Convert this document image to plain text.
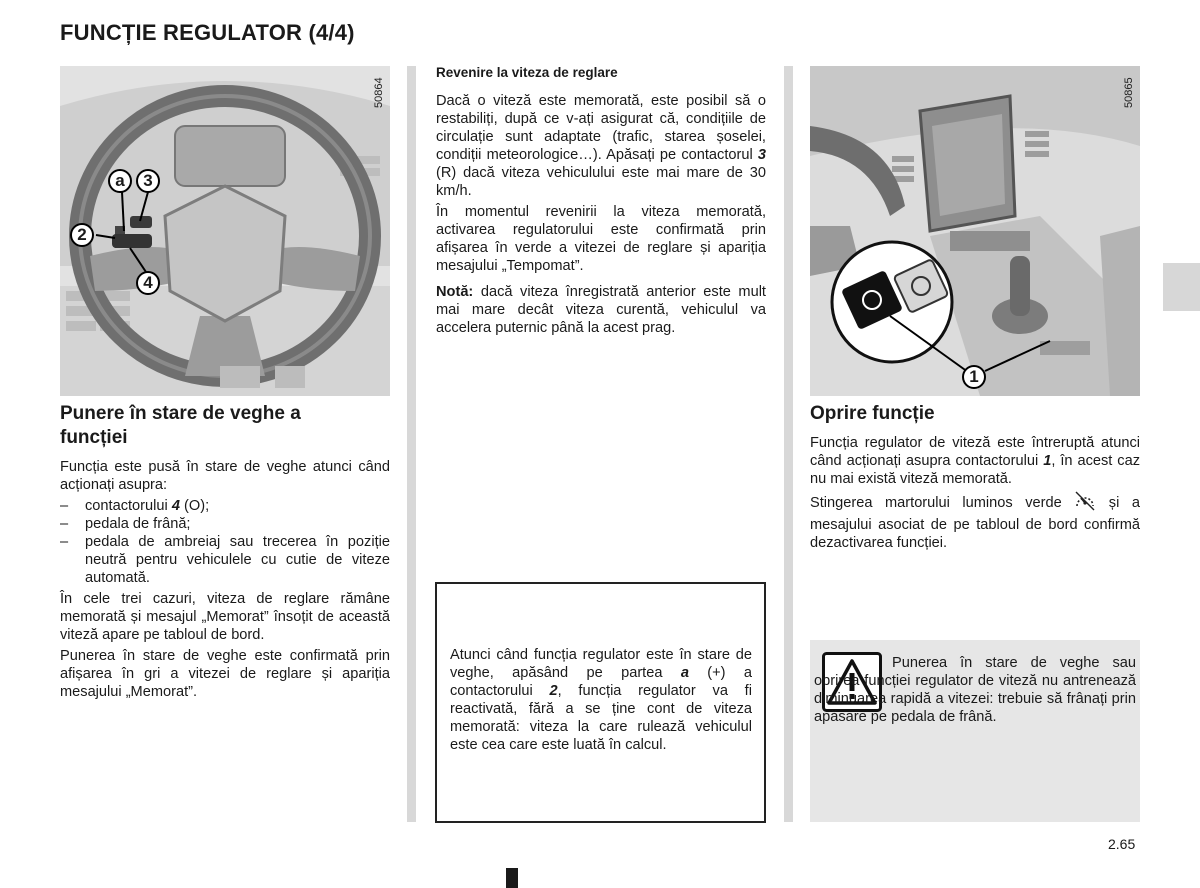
FUNCȚIE REGULATOR (4/4)
50864
a	3
2
4
Punere în stare de veghe a funcției

Funcția este pusă în stare de veghe atunci când acționați asupra:

–	contactorului 4 (O);
–	pedala de frână;
–	pedala de ambreiaj sau trecerea în poziție neutră pentru vehiculele cu cutie de viteze automată.

În cele trei cazuri, viteza de reglare rămâne memorată și mesajul „Memorat” însoțit de această viteză apare pe tabloul de bord.

Punerea în stare de veghe este confirmată prin afișarea în gri a vitezei de reglare și apariția mesajului „Memorat”.

Revenire la viteza de reglare

Dacă o viteză este memorată, este posibil să o restabiliți, după ce v-ați asigurat că, condițiile de circulație sunt adaptate (trafic, starea șoselei, condiții meteorologice…). Apăsați pe contactorul 3 (R) dacă viteza vehiculului este mai mare de 30 km/h.

În momentul revenirii la viteza memorată, activarea regulatorului este confirmată prin afișarea în verde a vitezei de reglare și apariția mesajului „Tempomat”.

Notă: dacă viteza înregistrată anterior este mult mai mare decât viteza curentă, vehiculul va accelera puternic până la acest prag.

Atunci când funcția regulator este în stare de veghe, apăsând pe partea a (+) a contactorului 2, funcția regulator va fi reactivată, fără a se ține cont de viteza memorată: viteza la care rulează vehiculul este cea care este luată în calcul.
50865
1
Oprire funcție

Funcția regulator de viteză este întreruptă atunci când acționați asupra contactorului 1, în acest caz nu mai există viteză memorată.

Stingerea martorului luminos verde  și a mesajului asociat de pe tabloul de bord confirmă dezactivarea funcției.

Punerea în stare de veghe sau oprirea funcției regulator de viteză nu antrenează diminuarea rapidă a vitezei: trebuie să frânați prin apăsare pe pedala de frână.
2.65
